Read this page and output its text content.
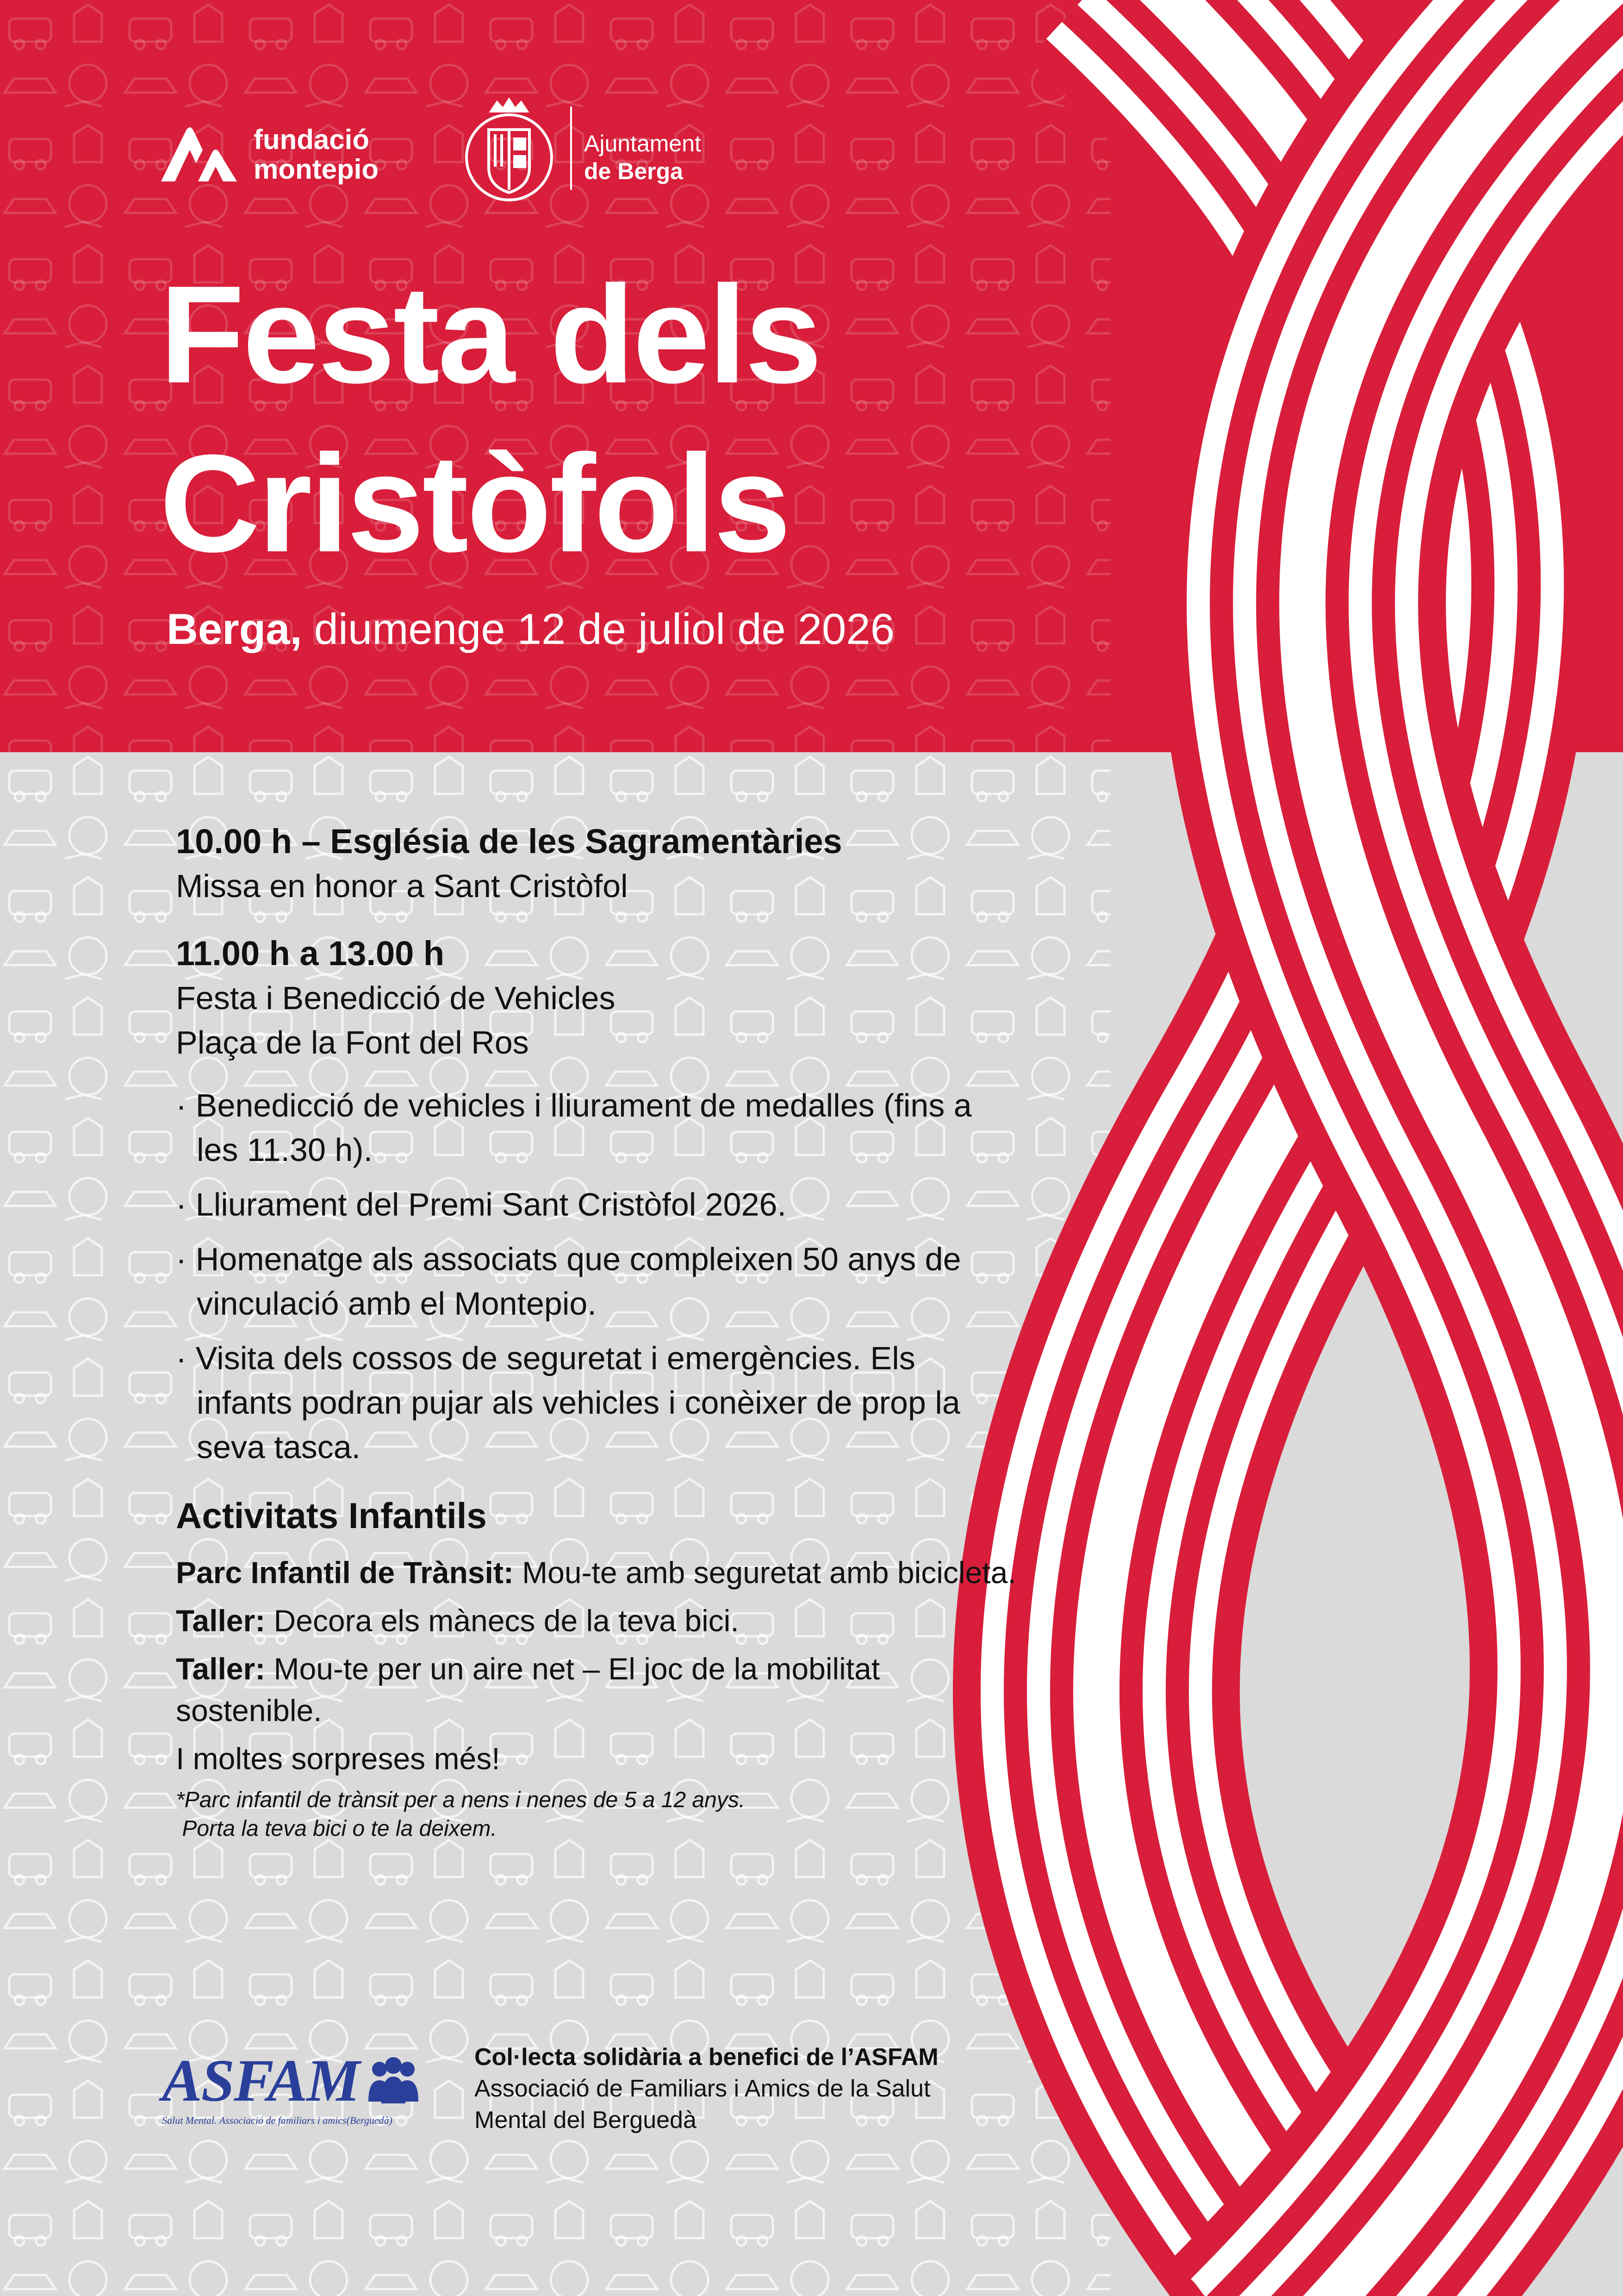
fundació
montepio
Ajuntament
de Berga
Festa dels
Cristòfols
Berga, diumenge 12 de juliol de 2026
10.00 h – Església de les Sagramentàries
Missa en honor a Sant Cristòfol
11.00 h a 13.00 h
Festa i Benedicció de Vehicles
Plaça de la Font del Ros
· Benedicció de vehicles i lliurament de medalles (fins a les 11.30 h).
· Lliurament del Premi Sant Cristòfol 2026.
· Homenatge als associats que compleixen 50 anys de vinculació amb el Montepio.
· Visita dels cossos de seguretat i emergències. Els infants podran pujar als vehicles i conèixer de prop la seva tasca.
Activitats Infantils
Parc Infantil de Trànsit: Mou-te amb seguretat amb bicicleta.
Taller: Decora els mànecs de la teva bici.
Taller: Mou-te per un aire net – El joc de la mobilitat sostenible.
I moltes sorpreses més!
*Parc infantil de trànsit per a nens i nenes de 5 a 12 anys.
Porta la teva bici o te la deixem.
ASFAM
Salut Mental. Associació de familiars i amics(Berguedà)
Col·lecta solidària a benefici de l’ASFAM
Associació de Familiars i Amics de la Salut
Mental del Berguedà
